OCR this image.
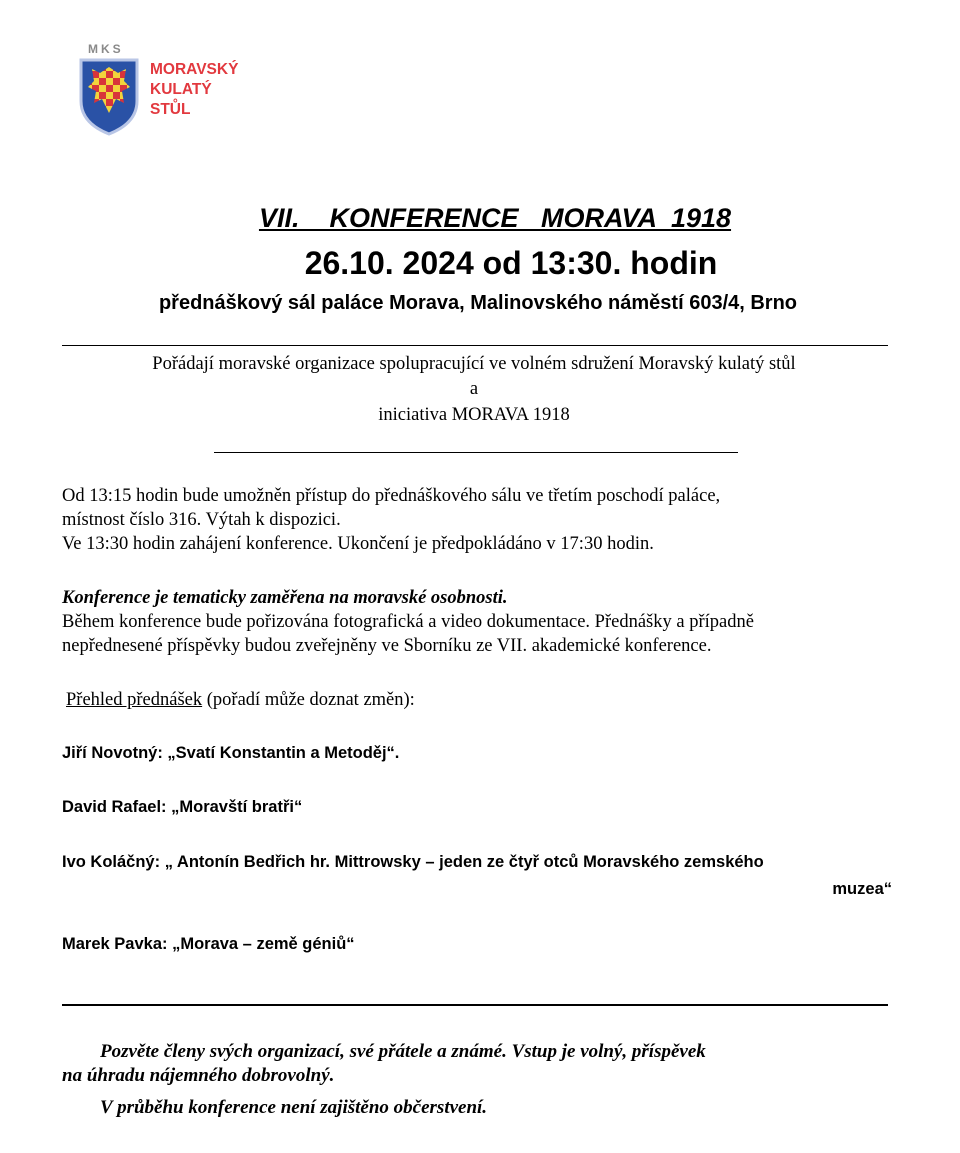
MKS
MORAVSKÝ
KULATÝ
STŮL
VII.    KONFERENCE   MORAVA  1918
26.10. 2024 od 13:30. hodin
přednáškový sál paláce Morava, Malinovského náměstí 603/4, Brno
Pořádají moravské organizace spolupracující ve volném sdružení Moravský kulatý stůl
a
iniciativa MORAVA 1918
Od 13:15 hodin bude umožněn přístup do přednáškového sálu ve třetím poschodí paláce,
místnost číslo 316. Výtah k dispozici.
Ve 13:30 hodin zahájení konference. Ukončení je předpokládáno v 17:30 hodin.
Konference je tematicky zaměřena na moravské osobnosti.
Během konference bude pořizována fotografická a video dokumentace. Přednášky a případně
nepřednesené příspěvky budou zveřejněny ve Sborníku ze VII. akademické konference.
Přehled přednášek (pořadí může doznat změn):
Jiří Novotný: „Svatí Konstantin a Metoděj“.
David Rafael: „Moravští bratři“
Ivo Koláčný: „ Antonín Bedřich hr. Mittrowsky – jeden ze čtyř otců Moravského zemského
muzea“
Marek Pavka: „Morava – země géniů“
Pozvěte členy svých organizací, své přátele a známé. Vstup je volný, příspěvek
na úhradu nájemného dobrovolný.
V průběhu konference není zajištěno občerstvení.
